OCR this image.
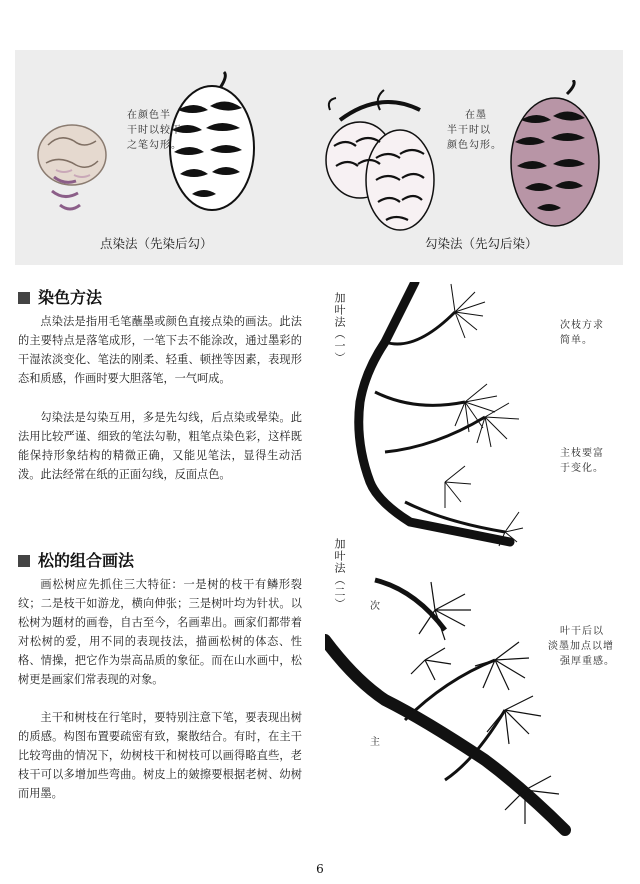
在颜色半
干时以较干
之笔勾形。
点染法（先染后勾）
在墨
半干时以
颜色勾形。
勾染法（先勾后染）
染色方法

点染法是指用毛笔蘸墨或颜色直接点染的画法。此法的主要特点是落笔成形，一笔下去不能涂改，通过墨彩的干湿浓淡变化、笔法的刚柔、轻重、顿挫等因素，表现形态和质感，作画时要大胆落笔，一气呵成。

勾染法是勾染互用，多是先勾线，后点染或晕染。此法用比较严谨、细致的笔法勾勒，粗笔点染色彩，这样既能保持形象结构的精微正确，又能见笔法，显得生动活泼。此法经常在纸的正面勾线，反面点色。

松的组合画法

画松树应先抓住三大特征：一是树的枝干有鳞形裂纹；二是枝干如游龙，横向伸张；三是树叶均为针状。以松树为题材的画卷，自古至今，名画辈出。画家们都带着对松树的爱，用不同的表现技法，描画松树的体态、性格、情操，把它作为崇高品质的象征。而在山水画中，松树更是画家们常表现的对象。

主干和树枝在行笔时，要特别注意下笔，要表现出树的质感。构图布置要疏密有致，聚散结合。有时，在主干比较弯曲的情况下，幼树枝干和树枝可以画得略直些，老枝干可以多增加些弯曲。树皮上的皴擦要根据老树、幼树而用墨。

加叶法（一）
加叶法（二）
次枝方求
简单。
主枝要富
于变化。
次
主
叶干后以
淡墨加点以增
强厚重感。
6
